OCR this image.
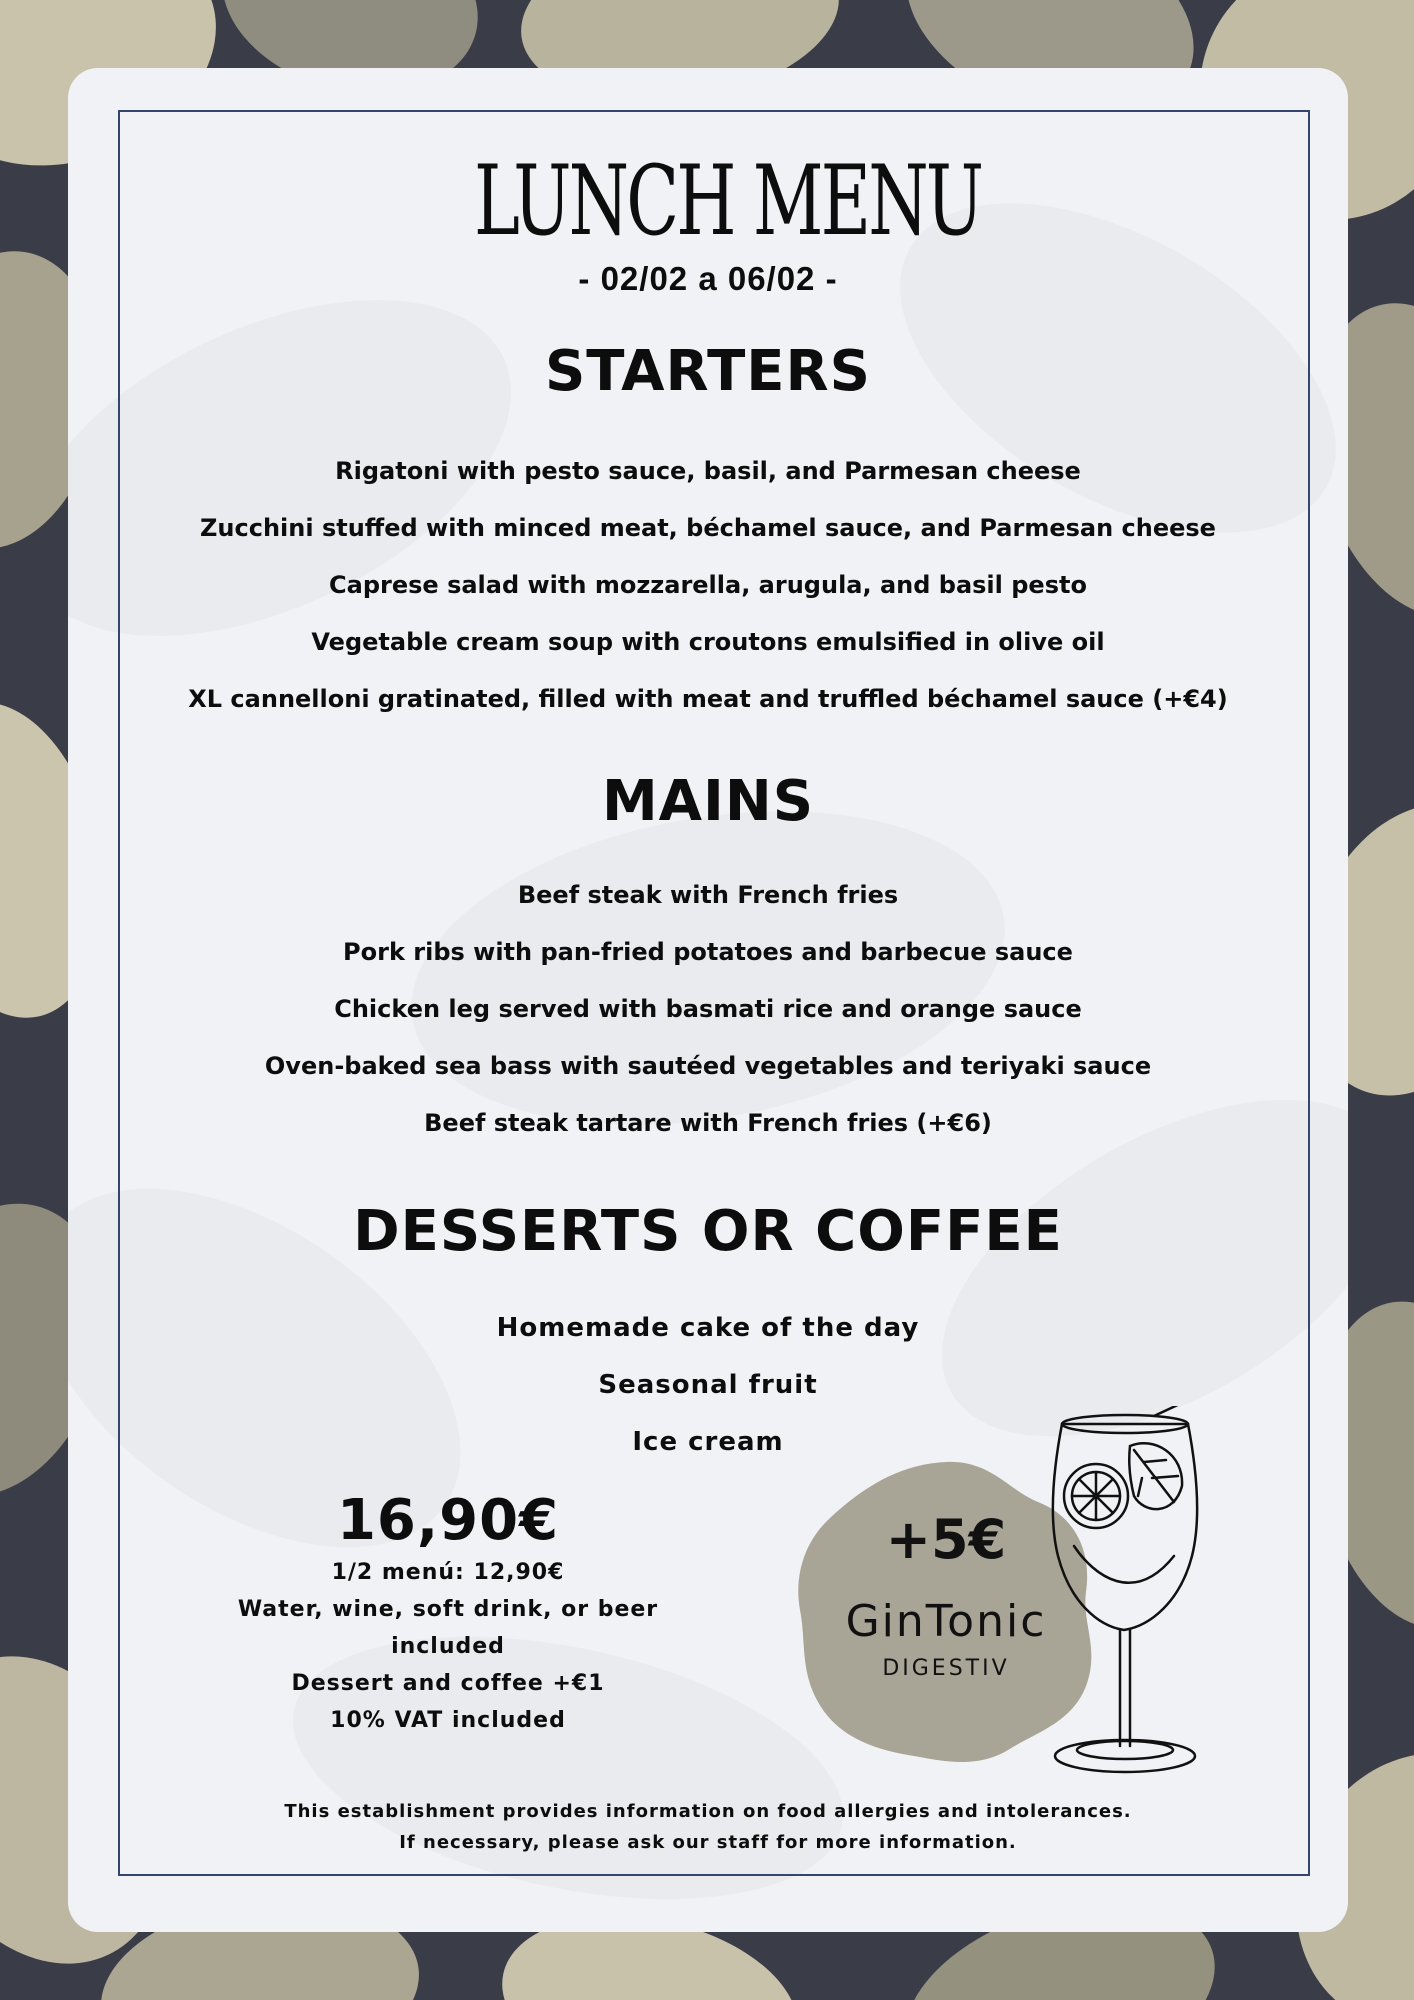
LUNCH MENU
- 02/02 a 06/02 -
STARTERS
Rigatoni with pesto sauce, basil, and Parmesan cheese
Zucchini stuffed with minced meat, béchamel sauce, and Parmesan cheese
Caprese salad with mozzarella, arugula, and basil pesto
Vegetable cream soup with croutons emulsified in olive oil
XL cannelloni gratinated, filled with meat and truffled béchamel sauce (+€4)
MAINS
Beef steak with French fries
Pork ribs with pan-fried potatoes and barbecue sauce
Chicken leg served with basmati rice and orange sauce
Oven-baked sea bass with sautéed vegetables and teriyaki sauce
Beef steak tartare with French fries (+€6)
DESSERTS OR COFFEE
Homemade cake of the day
Seasonal fruit
Ice cream
16,90€
1/2 menú: 12,90€
Water, wine, soft drink, or beer included
Dessert and coffee +€1
10% VAT included
+5€
GinTonic
DIGESTIV
This establishment provides information on food allergies and intolerances.
If necessary, please ask our staff for more information.
